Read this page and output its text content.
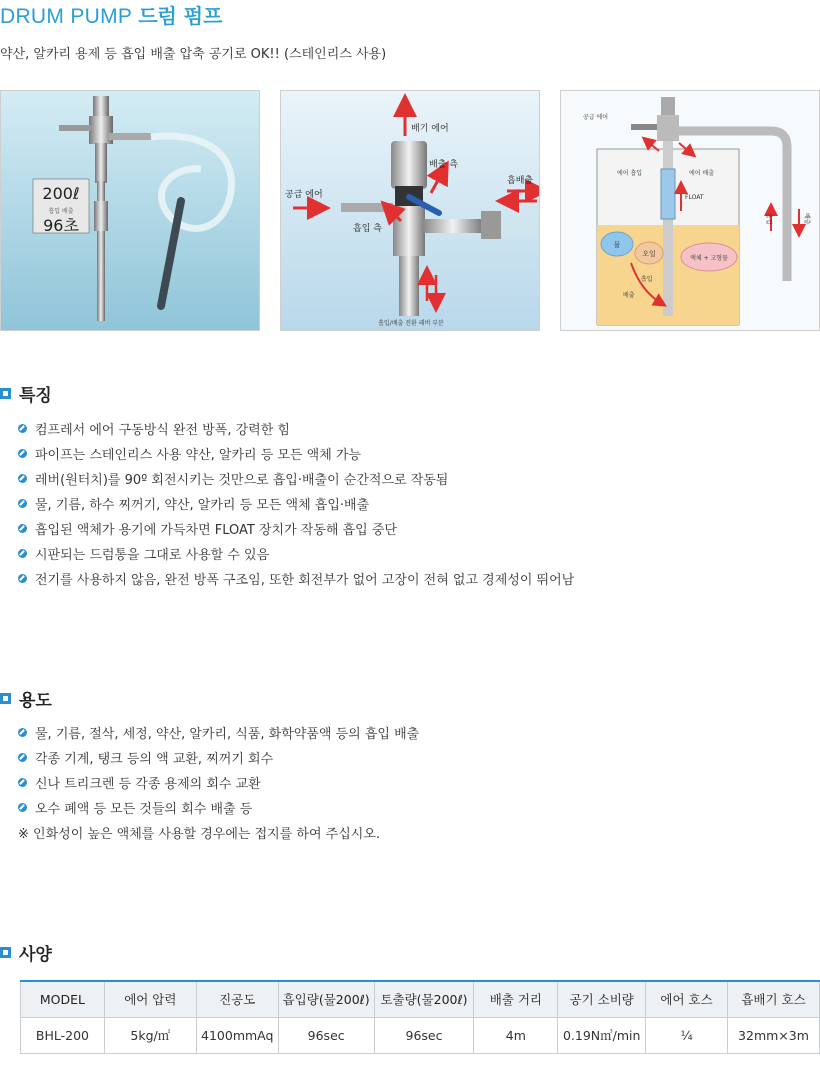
DRUM PUMP 드럼 펌프
약산, 알카리 용제 등 흡입 배출 압축 공기로 OK!! (스테인리스 사용)
200ℓ
흡입 배출
96초
배기 에어
배출 측
흡배출
공급 에어
흡입 측
흡입/배출 전환 레버 부분
공급 에어
에어 흡입	에어 배출
FLOAT
물
오일
액체 + 고형물
흡입
배출
흡입	배출
특징
컴프레서 에어 구동방식 완전 방폭, 강력한 힘
파이프는 스테인리스 사용 약산, 알카리 등 모든 액체 가능
레버(원터치)를 90º 회전시키는 것만으로 흡입·배출이 순간적으로 작동됨
물, 기름, 하수 찌꺼기, 약산, 알카리 등 모든 액체 흡입·배출
흡입된 액체가 용기에 가득차면 FLOAT 장치가 작동해 흡입 중단
시판되는 드럼통을 그대로 사용할 수 있음
전기를 사용하지 않음, 완전 방폭 구조임, 또한 회전부가 없어 고장이 전혀 없고 경제성이 뛰어남
용도
물, 기름, 절삭, 세정, 약산, 알카리, 식품, 화학약품액 등의 흡입 배출
각종 기계, 탱크 등의 액 교환, 찌꺼기 회수
신나 트리크렌 등 각종 용제의 회수 교환
오수 폐액 등 모든 것들의 회수 배출 등
※ 인화성이 높은 액체를 사용할 경우에는 접지를 하여 주십시오.
사양
MODEL	에어 압력	진공도	흡입량(물200ℓ)	토출량(물200ℓ)	배출 거리	공기 소비량	에어 호스	흡배기 호스
BHL-200	5kg/㎡	4100mmAq	96sec	96sec	4m	0.19N㎥/min	¼	32mm×3m
